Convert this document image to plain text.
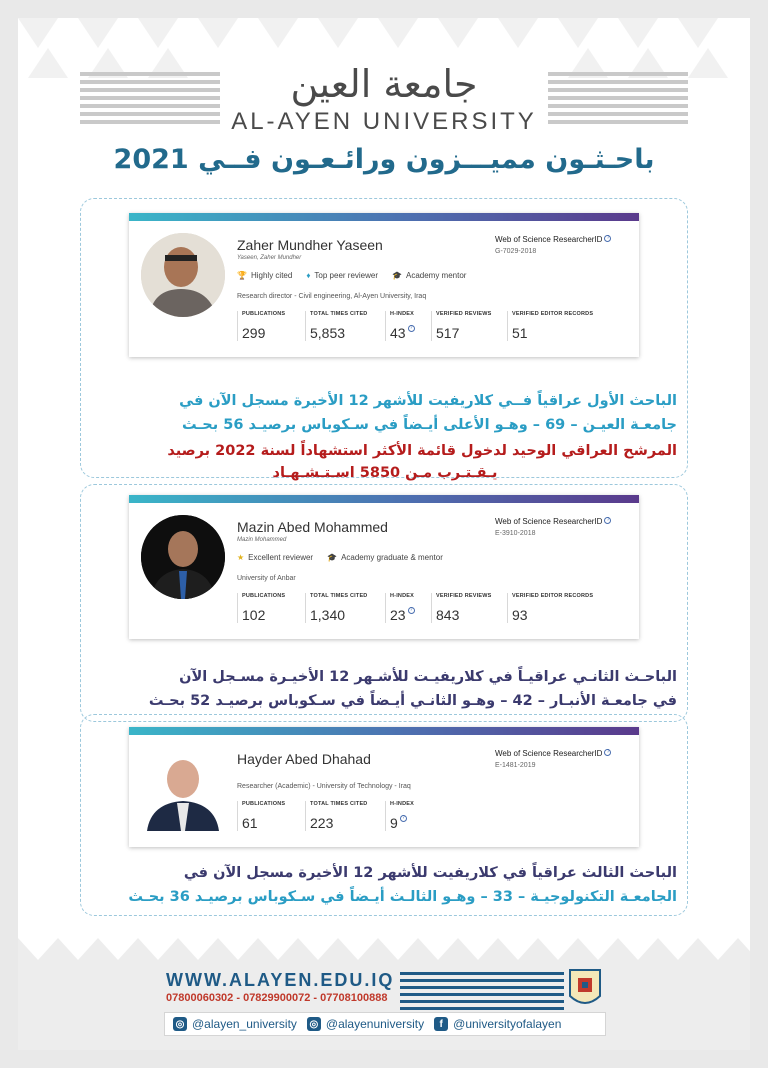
جامعة العين
AL-AYEN UNIVERSITY
باحـثـون مميـــزون ورائـعـون فــي 2021
Zaher Mundher Yaseen
Yaseen, Zaher Mundher
🏆 Highly cited ♦ Top peer reviewer 🎓 Academy mentor
Research director - Civil engineering, Al-Ayen University, Iraq
Web of Science ResearcherID ?
G-7029-2018
PUBLICATIONS
299
TOTAL TIMES CITED
5,853
H-INDEX
43 ?
VERIFIED REVIEWS
517
VERIFIED EDITOR RECORDS
51
الباحث الأول عراقياً فــي كلاريفيت للأشهر 12 الأخيرة مسجل الآن في
جامعـة العيـن – 69 – وهـو الأعلى أيـضاً في سـكوباس برصيـد 56 بحـث
المرشح العراقي الوحيد لدخول قائمة الأكثر استشهاداً لسنة 2022 برصيد
يـقـتـرب مـن 5850 اسـتـشـهـاد
Mazin Abed Mohammed
Mazin Mohammed
★ Excellent reviewer 🎓 Academy graduate & mentor
University of Anbar
Web of Science ResearcherID ?
E-3910-2018
PUBLICATIONS
102
TOTAL TIMES CITED
1,340
H-INDEX
23 ?
VERIFIED REVIEWS
843
VERIFIED EDITOR RECORDS
93
الباحـث الثانـي عراقيـاً في كلاريفيـت للأشـهر 12 الأخيـرة مسـجل الآن
في جامعـة الأنبـار – 42 – وهـو الثانـي أيـضاً في سـكوباس برصيـد 52 بحـث
Hayder Abed Dhahad
Researcher (Academic) - University of Technology - Iraq
Web of Science ResearcherID ?
E-1481-2019
PUBLICATIONS
61
TOTAL TIMES CITED
223
H-INDEX
9 ?
الباحث الثالث عراقياً في كلاريفيت للأشهر 12 الأخيرة مسجل الآن في
الجامعـة التكنولوجيـة – 33 – وهـو الثالـث أيـضاً في سـكوباس برصيـد 36 بحـث
WWW.ALAYEN.EDU.IQ
07800060302 - 07829900072 - 07708100888
◎ @alayen_university ◎ @alayenuniversity	f @universityofalayen
